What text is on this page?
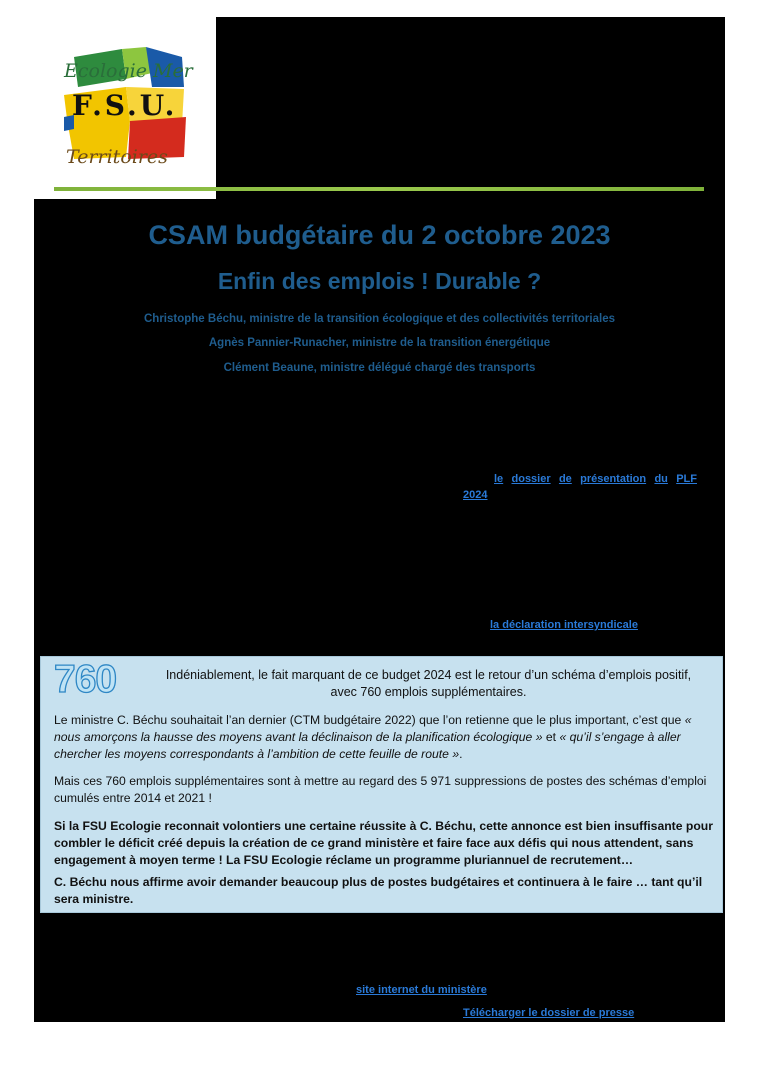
Ecologie Mer
F.S.U.
Territoires
CSAM budgétaire du 2 octobre 2023
Enfin des emplois ! Durable ?
Christophe Béchu, ministre de la transition écologique et des collectivités territoriales
Agnès Pannier-Runacher, ministre de la transition énergétique
Clément Beaune, ministre délégué chargé des transports
le dossier de présentation du PLF
2024
la déclaration intersyndicale
760	Indéniablement, le fait marquant de ce budget 2024 est le retour d’un schéma d’emplois positif,
avec 760 emplois supplémentaires.
Le ministre C. Béchu souhaitait l’an dernier (CTM budgétaire 2022) que l’on retienne que le plus important, c’est que « nous amorçons la hausse des moyens avant la déclinaison de la planification écologique » et « qu’il s’engage à aller chercher les moyens correspondants à l’ambition de cette feuille de route ».
Mais ces 760 emplois supplémentaires sont à mettre au regard des 5 971 suppressions de postes des schémas d’emploi cumulés entre 2014 et 2021 !
Si la FSU Ecologie reconnait volontiers une certaine réussite à C. Béchu, cette annonce est bien insuffisante pour combler le déficit créé depuis la création de ce grand ministère et faire face aux défis qui nous attendent, sans engagement à moyen terme ! La FSU Ecologie réclame un programme pluriannuel de recrutement…
C. Béchu nous affirme avoir demander beaucoup plus de postes budgétaires et continuera à le faire … tant qu’il sera ministre.
site internet du ministère
Télécharger le dossier de presse
